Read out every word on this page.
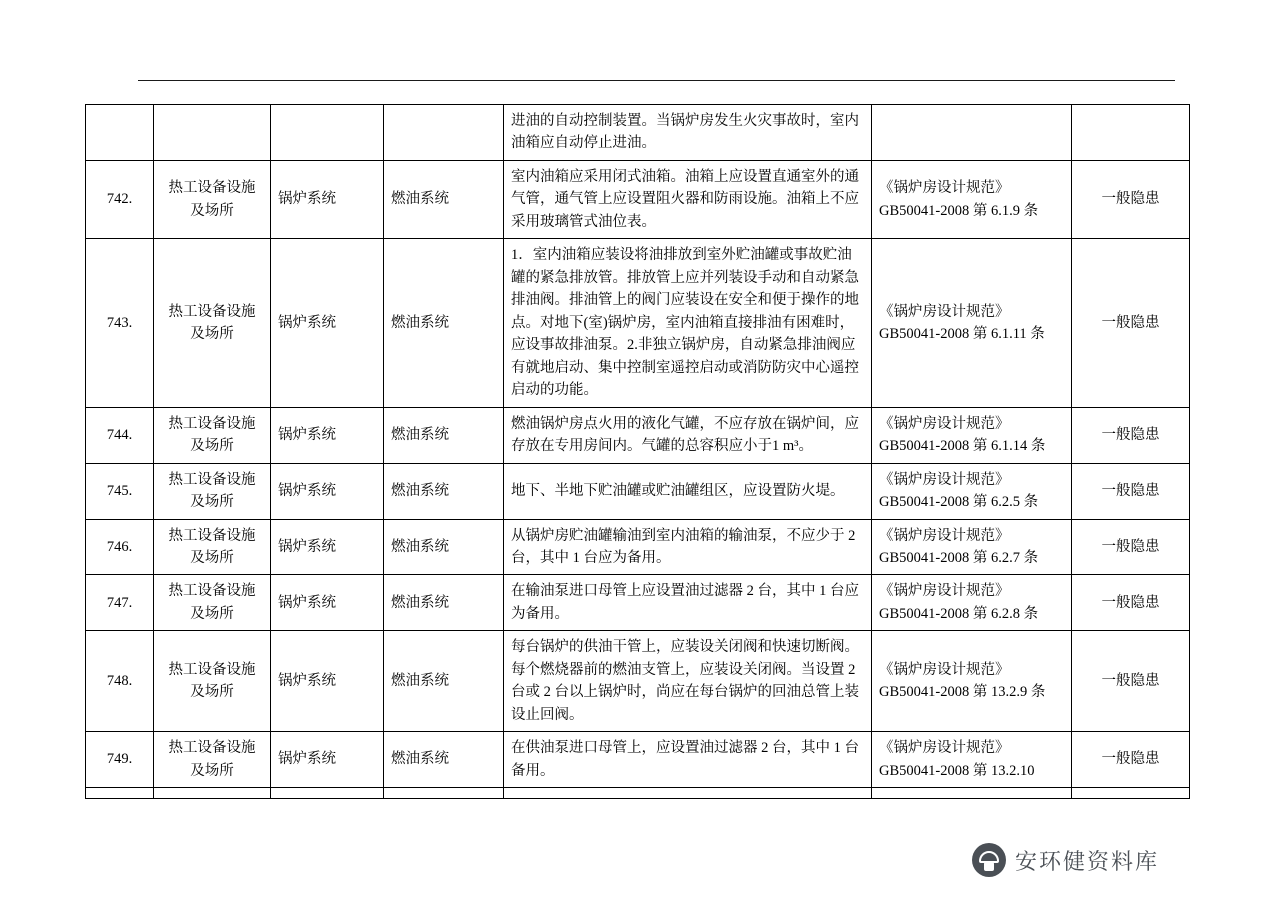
			进油的自动控制装置。当锅炉房发生火灾事故时，室内油箱应自动停止进油。	

742.	热工设备设施
及场所	锅炉系统	燃油系统	室内油箱应采用闭式油箱。油箱上应设置直通室外的通气管，通气管上应设置阻火器和防雨设施。油箱上不应采用玻璃管式油位表。	《锅炉房设计规范》
GB50041-2008 第 6.1.9 条	一般隐患
743.	热工设备设施
及场所	锅炉系统	燃油系统	1．室内油箱应装设将油排放到室外贮油罐或事故贮油罐的紧急排放管。排放管上应并列装设手动和自动紧急排油阀。排油管上的阀门应装设在安全和便于操作的地点。对地下(室)锅炉房，室内油箱直接排油有困难时，应设事故排油泵。2.非独立锅炉房，自动紧急排油阀应有就地启动、集中控制室遥控启动或消防防灾中心遥控启动的功能。	《锅炉房设计规范》
GB50041-2008 第 6.1.11 条	一般隐患
744.	热工设备设施
及场所	锅炉系统	燃油系统	燃油锅炉房点火用的液化气罐，不应存放在锅炉间，应存放在专用房间内。气罐的总容积应小于1 m³。	《锅炉房设计规范》
GB50041-2008 第 6.1.14 条	一般隐患
745.	热工设备设施
及场所	锅炉系统	燃油系统	地下、半地下贮油罐或贮油罐组区，应设置防火堤。	《锅炉房设计规范》
GB50041-2008 第 6.2.5 条	一般隐患
746.	热工设备设施
及场所	锅炉系统	燃油系统	从锅炉房贮油罐输油到室内油箱的输油泵，不应少于 2 台，其中 1 台应为备用。	《锅炉房设计规范》
GB50041-2008 第 6.2.7 条	一般隐患
747.	热工设备设施
及场所	锅炉系统	燃油系统	在输油泵进口母管上应设置油过滤器 2 台，其中 1 台应为备用。	《锅炉房设计规范》
GB50041-2008 第 6.2.8 条	一般隐患
748.	热工设备设施
及场所	锅炉系统	燃油系统	每台锅炉的供油干管上，应装设关闭阀和快速切断阀。每个燃烧器前的燃油支管上，应装设关闭阀。当设置 2 台或 2 台以上锅炉时，尚应在每台锅炉的回油总管上装设止回阀。	《锅炉房设计规范》
GB50041-2008 第 13.2.9 条	一般隐患
749.	热工设备设施
及场所	锅炉系统	燃油系统	在供油泵进口母管上，应设置油过滤器 2 台，其中 1 台备用。	《锅炉房设计规范》
GB50041-2008 第 13.2.10	一般隐患

安环健资料库
